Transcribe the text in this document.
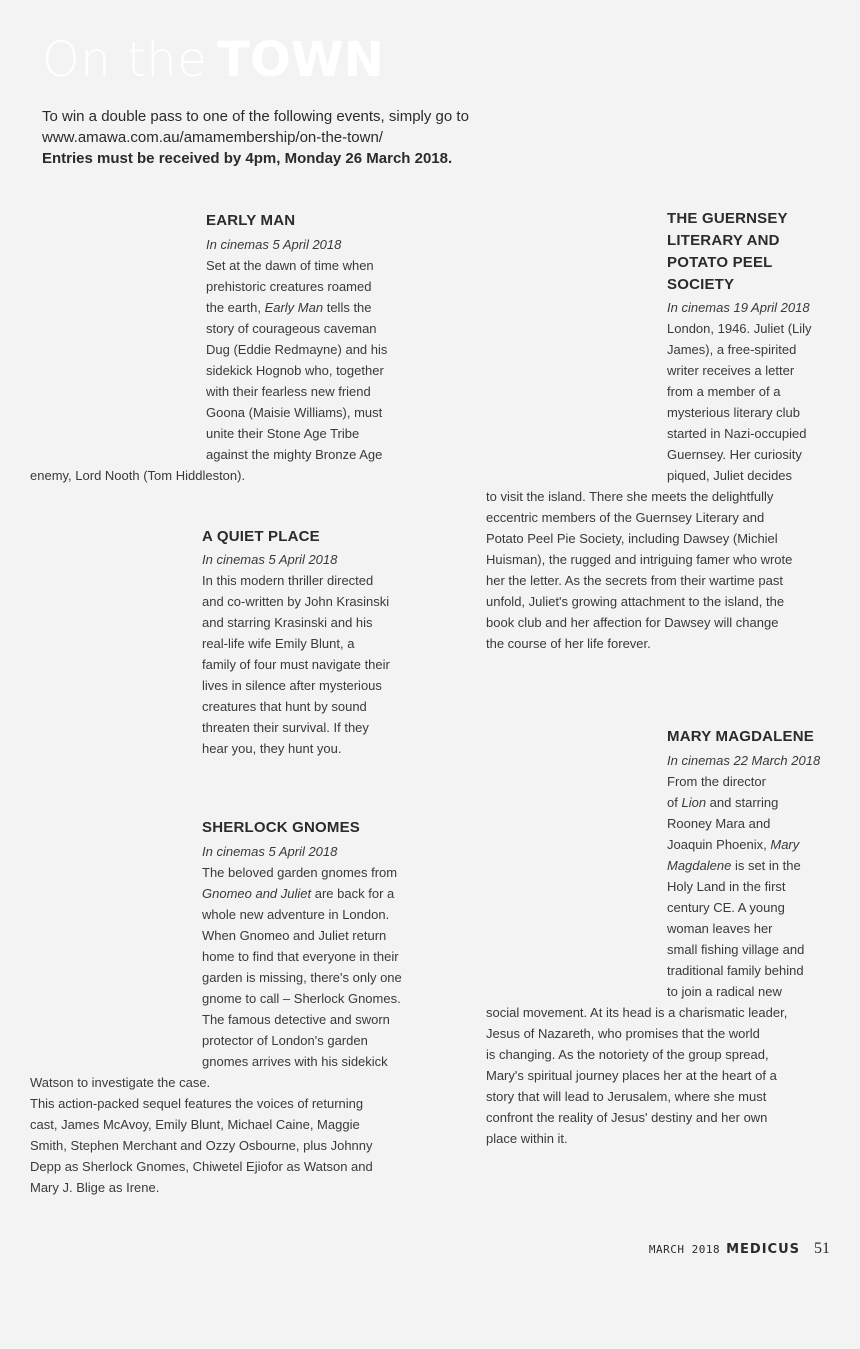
On the TOWN
To win a double pass to one of the following events, simply go to
www.amawa.com.au/amamembership/on-the-town/
Entries must be received by 4pm, Monday 26 March 2018.
EARLY MAN
In cinemas 5 April 2018
Set at the dawn of time when
prehistoric creatures roamed
the earth, Early Man tells the
story of courageous caveman
Dug (Eddie Redmayne) and his
sidekick Hognob who, together
with their fearless new friend
Goona (Maisie Williams), must
unite their Stone Age Tribe
against the mighty Bronze Age
enemy, Lord Nooth (Tom Hiddleston).
A QUIET PLACE
In cinemas 5 April 2018
In this modern thriller directed
and co-written by John Krasinski
and starring Krasinski and his
real-life wife Emily Blunt, a
family of four must navigate their
lives in silence after mysterious
creatures that hunt by sound
threaten their survival. If they
hear you, they hunt you.
SHERLOCK GNOMES
In cinemas 5 April 2018
The beloved garden gnomes from
Gnomeo and Juliet are back for a
whole new adventure in London.
When Gnomeo and Juliet return
home to find that everyone in their
garden is missing, there's only one
gnome to call – Sherlock Gnomes.
The famous detective and sworn
protector of London's garden
gnomes arrives with his sidekick
Watson to investigate the case.
This action-packed sequel features the voices of returning
cast, James McAvoy, Emily Blunt, Michael Caine, Maggie
Smith, Stephen Merchant and Ozzy Osbourne, plus Johnny
Depp as Sherlock Gnomes, Chiwetel Ejiofor as Watson and
Mary J. Blige as Irene.
THE GUERNSEY
LITERARY AND
POTATO PEEL
SOCIETY
In cinemas 19 April 2018
London, 1946. Juliet (Lily
James), a free-spirited
writer receives a letter
from a member of a
mysterious literary club
started in Nazi-occupied
Guernsey. Her curiosity
piqued, Juliet decides
to visit the island. There she meets the delightfully
eccentric members of the Guernsey Literary and
Potato Peel Pie Society, including Dawsey (Michiel
Huisman), the rugged and intriguing famer who wrote
her the letter. As the secrets from their wartime past
unfold, Juliet's growing attachment to the island, the
book club and her affection for Dawsey will change
the course of her life forever.
MARY MAGDALENE
In cinemas 22 March 2018
From the director
of Lion and starring
Rooney Mara and
Joaquin Phoenix, Mary
Magdalene is set in the
Holy Land in the first
century CE. A young
woman leaves her
small fishing village and
traditional family behind
to join a radical new
social movement. At its head is a charismatic leader,
Jesus of Nazareth, who promises that the world
is changing. As the notoriety of the group spread,
Mary's spiritual journey places her at the heart of a
story that will lead to Jerusalem, where she must
confront the reality of Jesus' destiny and her own
place within it.
MARCH 2018 MEDICUS 51
